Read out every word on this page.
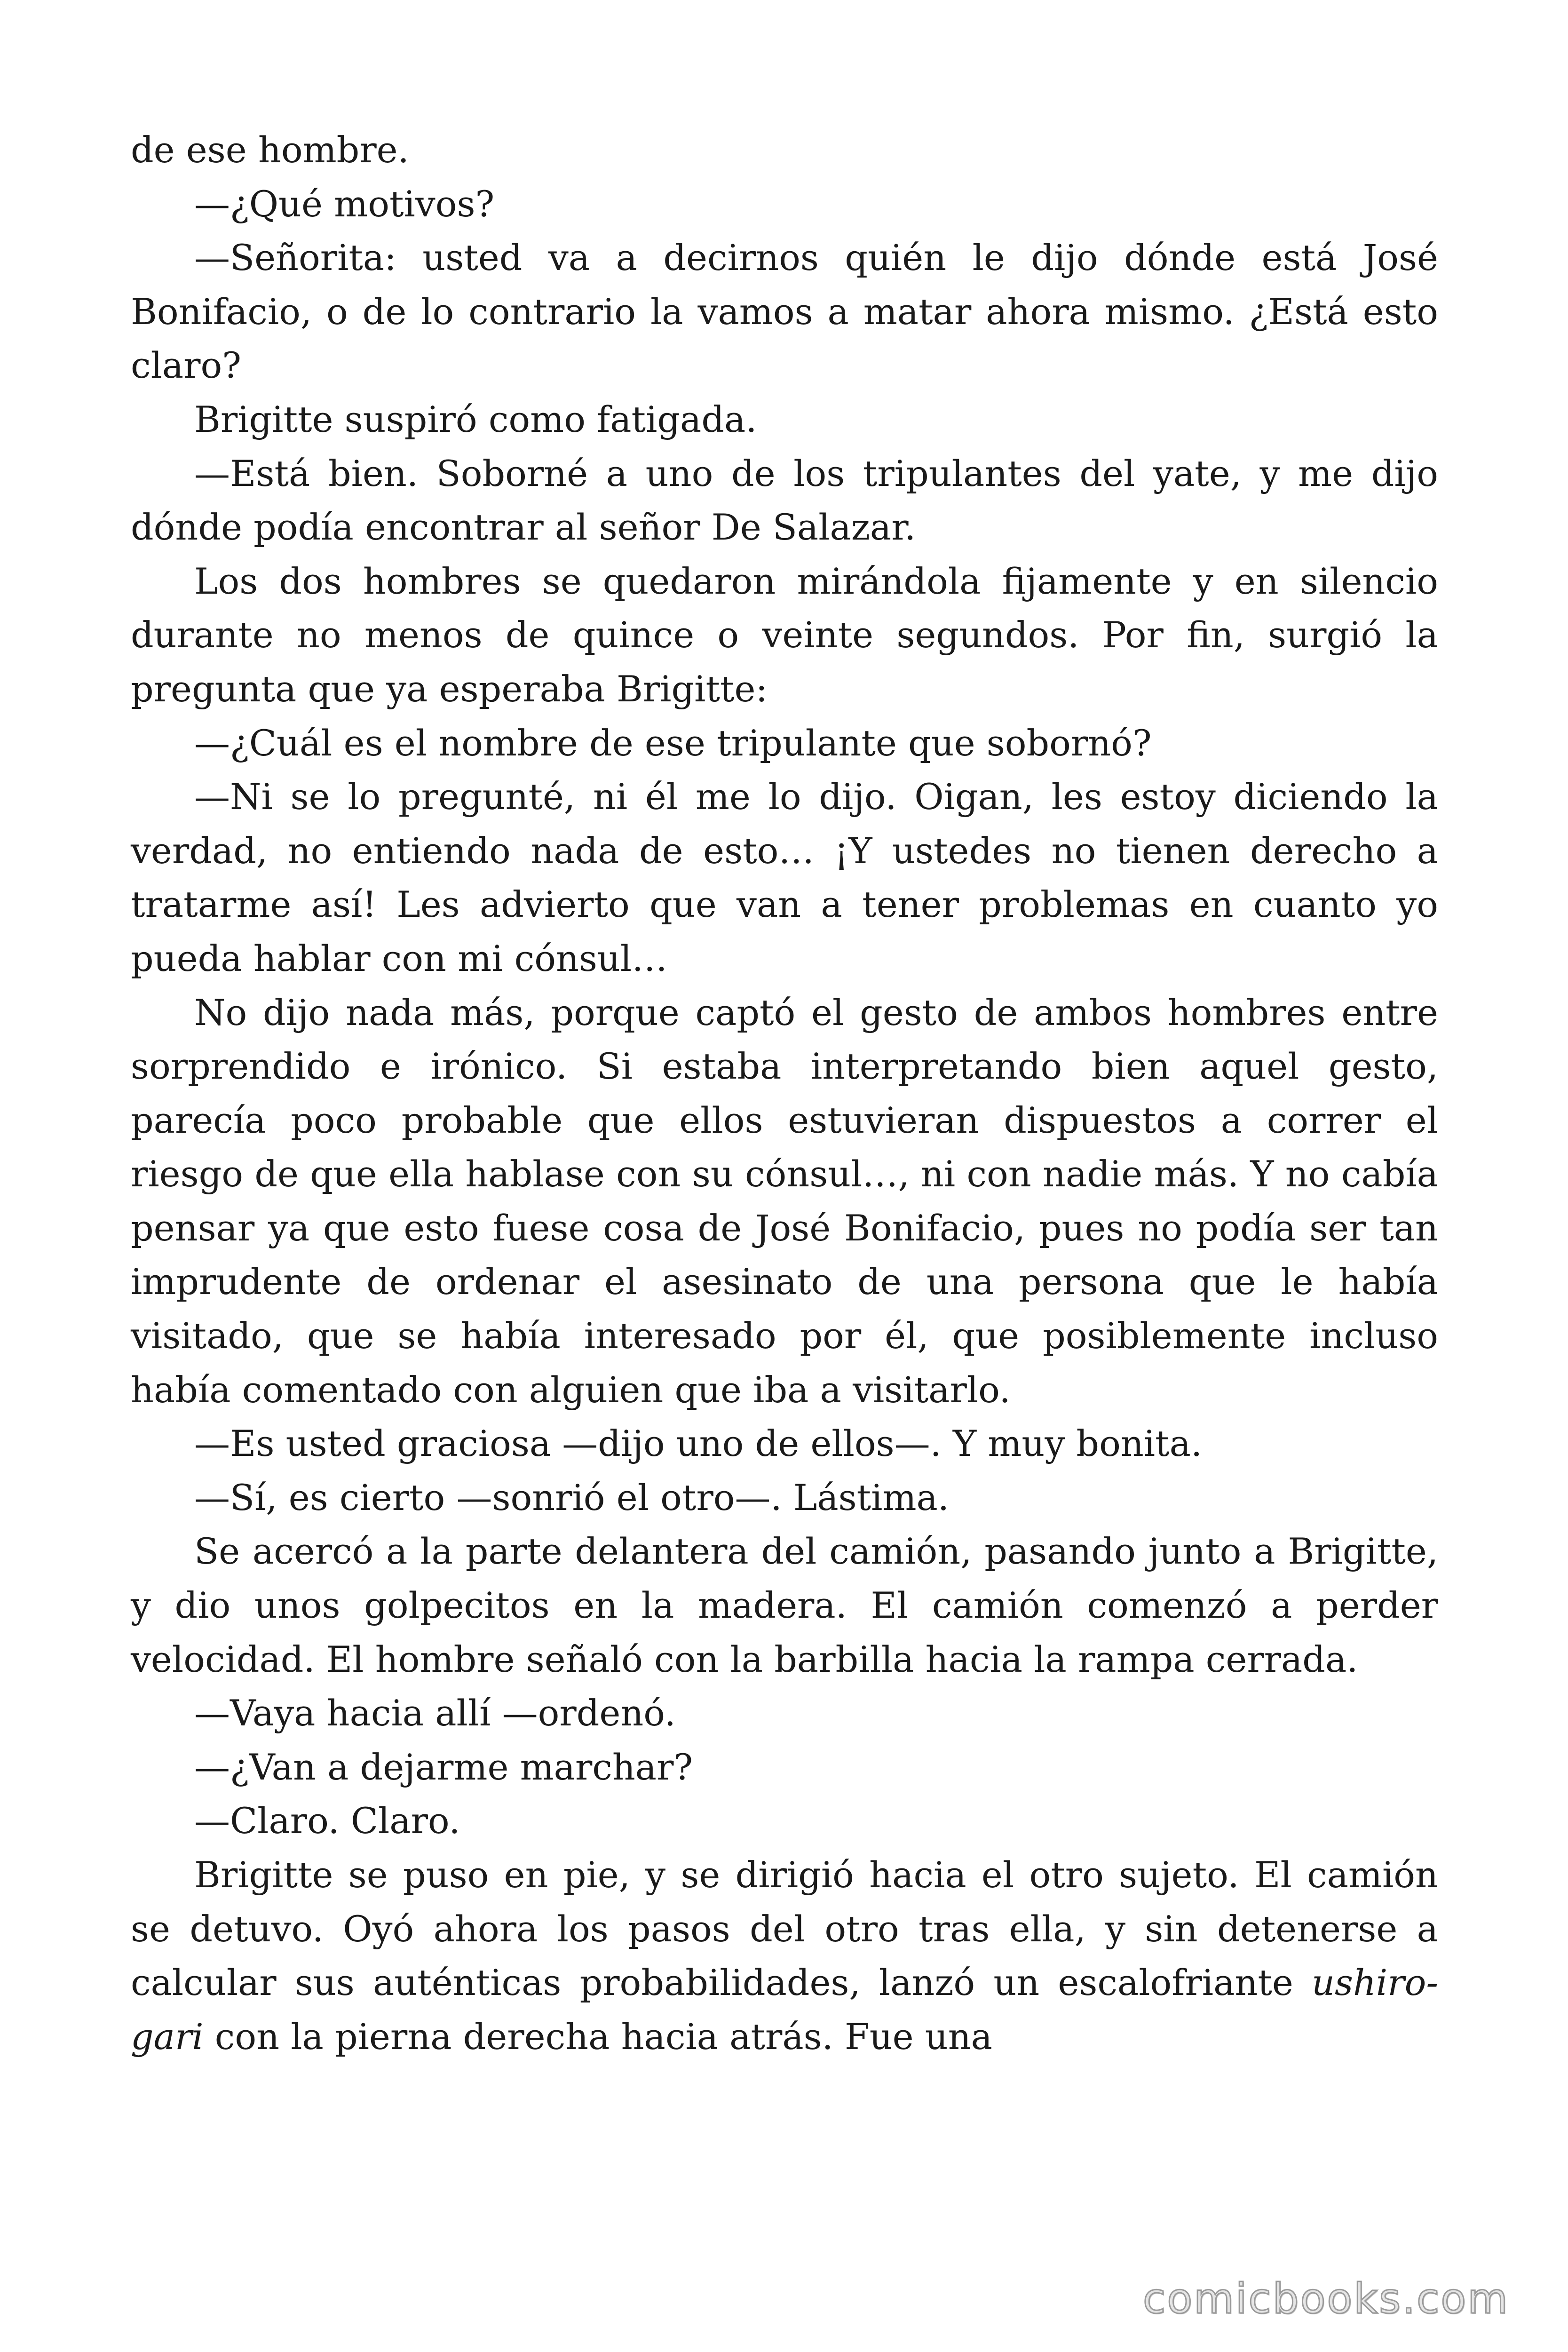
de ese hombre.

—¿Qué motivos?

—Señorita: usted va a decirnos quién le dijo dónde está José Bonifacio, o de lo contrario la vamos a matar ahora mismo. ¿Está esto claro?

Brigitte suspiró como fatigada.

—Está bien. Soborné a uno de los tripulantes del yate, y me dijo dónde podía encontrar al señor De Salazar.

Los dos hombres se quedaron mirándola fijamente y en silencio durante no menos de quince o veinte segundos. Por fin, surgió la pregunta que ya esperaba Brigitte:

—¿Cuál es el nombre de ese tripulante que sobornó?

—Ni se lo pregunté, ni él me lo dijo. Oigan, les estoy diciendo la verdad, no entiendo nada de esto… ¡Y ustedes no tienen derecho a tratarme así! Les advierto que van a tener problemas en cuanto yo pueda hablar con mi cónsul…

No dijo nada más, porque captó el gesto de ambos hombres entre sorprendido e irónico. Si estaba interpretando bien aquel gesto, parecía poco probable que ellos estuvieran dispuestos a correr el riesgo de que ella hablase con su cónsul…, ni con nadie más. Y no cabía pensar ya que esto fuese cosa de José Bonifacio, pues no podía ser tan imprudente de ordenar el asesinato de una persona que le había visitado, que se había interesado por él, que posiblemente incluso había comentado con alguien que iba a visitarlo.

—Es usted graciosa —dijo uno de ellos—. Y muy bonita.

—Sí, es cierto —sonrió el otro—. Lástima.

Se acercó a la parte delantera del camión, pasando junto a Brigitte, y dio unos golpecitos en la madera. El camión comenzó a perder velocidad. El hombre señaló con la barbilla hacia la rampa cerrada.

—Vaya hacia allí —ordenó.

—¿Van a dejarme marchar?

—Claro. Claro.

Brigitte se puso en pie, y se dirigió hacia el otro sujeto. El camión se detuvo. Oyó ahora los pasos del otro tras ella, y sin detenerse a calcular sus auténticas probabilidades, lanzó un escalofriante ushiro-gari con la pierna derecha hacia atrás. Fue una

comicbooks.com
